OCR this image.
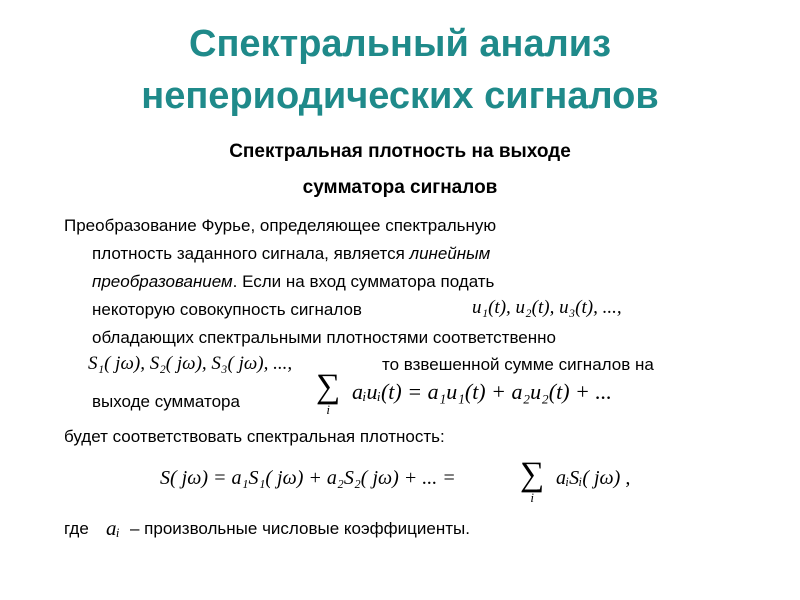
Спектральный анализ
непериодических сигналов
Спектральная плотность на выходе
сумматора сигналов
Преобразование Фурье, определяющее спектральную
плотность заданного сигнала, является линейным
преобразованием. Если на вход сумматора подать
некоторую совокупность сигналов	u₁(t), u₂(t), u₃(t), ...,
обладающих спектральными плотностями соответственно
S₁( jω), S₂( jω), S₃( jω), ...,	то взвешенной сумме сигналов на
выходе сумматора ∑
i
aᵢuᵢ(t) = a₁u₁(t) + a₂u₂(t) + ...
будет соответствовать спектральная плотность:
S( jω) = a₁S₁( jω) + a₂S₂( jω) + ... = ∑
i
aᵢSᵢ( jω) ,
где aᵢ – произвольные числовые коэффициенты.
